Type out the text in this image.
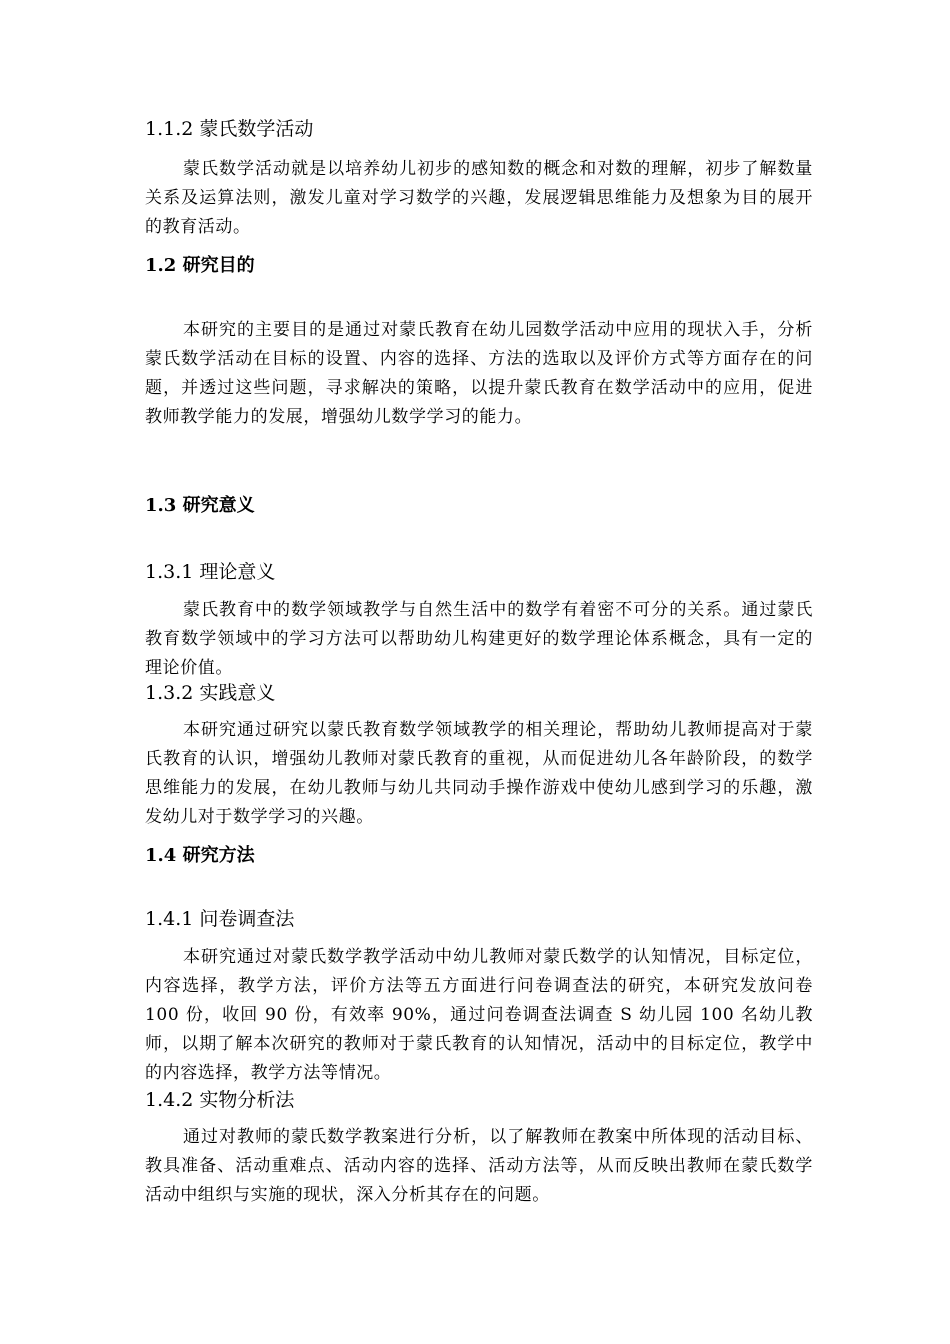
1.1.2 蒙氏数学活动

蒙氏数学活动就是以培养幼儿初步的感知数的概念和对数的理解，初步了解数量关系及运算法则，激发儿童对学习数学的兴趣，发展逻辑思维能力及想象为目的展开的教育活动。

1.2 研究目的

本研究的主要目的是通过对蒙氏教育在幼儿园数学活动中应用的现状入手，分析蒙氏数学活动在目标的设置、内容的选择、方法的选取以及评价方式等方面存在的问题，并透过这些问题，寻求解决的策略，以提升蒙氏教育在数学活动中的应用，促进教师教学能力的发展，增强幼儿数学学习的能力。

1.3 研究意义
1.3.1 理论意义

蒙氏教育中的数学领域教学与自然生活中的数学有着密不可分的关系。通过蒙氏教育数学领域中的学习方法可以帮助幼儿构建更好的数学理论体系概念，具有一定的理论价值。

1.3.2 实践意义

本研究通过研究以蒙氏教育数学领域教学的相关理论，帮助幼儿教师提高对于蒙氏教育的认识，增强幼儿教师对蒙氏教育的重视，从而促进幼儿各年龄阶段，的数学思维能力的发展，在幼儿教师与幼儿共同动手操作游戏中使幼儿感到学习的乐趣，激发幼儿对于数学学习的兴趣。

1.4 研究方法
1.4.1 问卷调查法

本研究通过对蒙氏数学教学活动中幼儿教师对蒙氏数学的认知情况，目标定位，内容选择，教学方法，评价方法等五方面进行问卷调查法的研究，本研究发放问卷 100 份，收回 90 份，有效率 90%，通过问卷调查法调查 S 幼儿园 100 名幼儿教师，以期了解本次研究的教师对于蒙氏教育的认知情况，活动中的目标定位，教学中的内容选择，教学方法等情况。

1.4.2 实物分析法

通过对教师的蒙氏数学教案进行分析，以了解教师在教案中所体现的活动目标、教具准备、活动重难点、活动内容的选择、活动方法等，从而反映出教师在蒙氏数学活动中组织与实施的现状，深入分析其存在的问题。
